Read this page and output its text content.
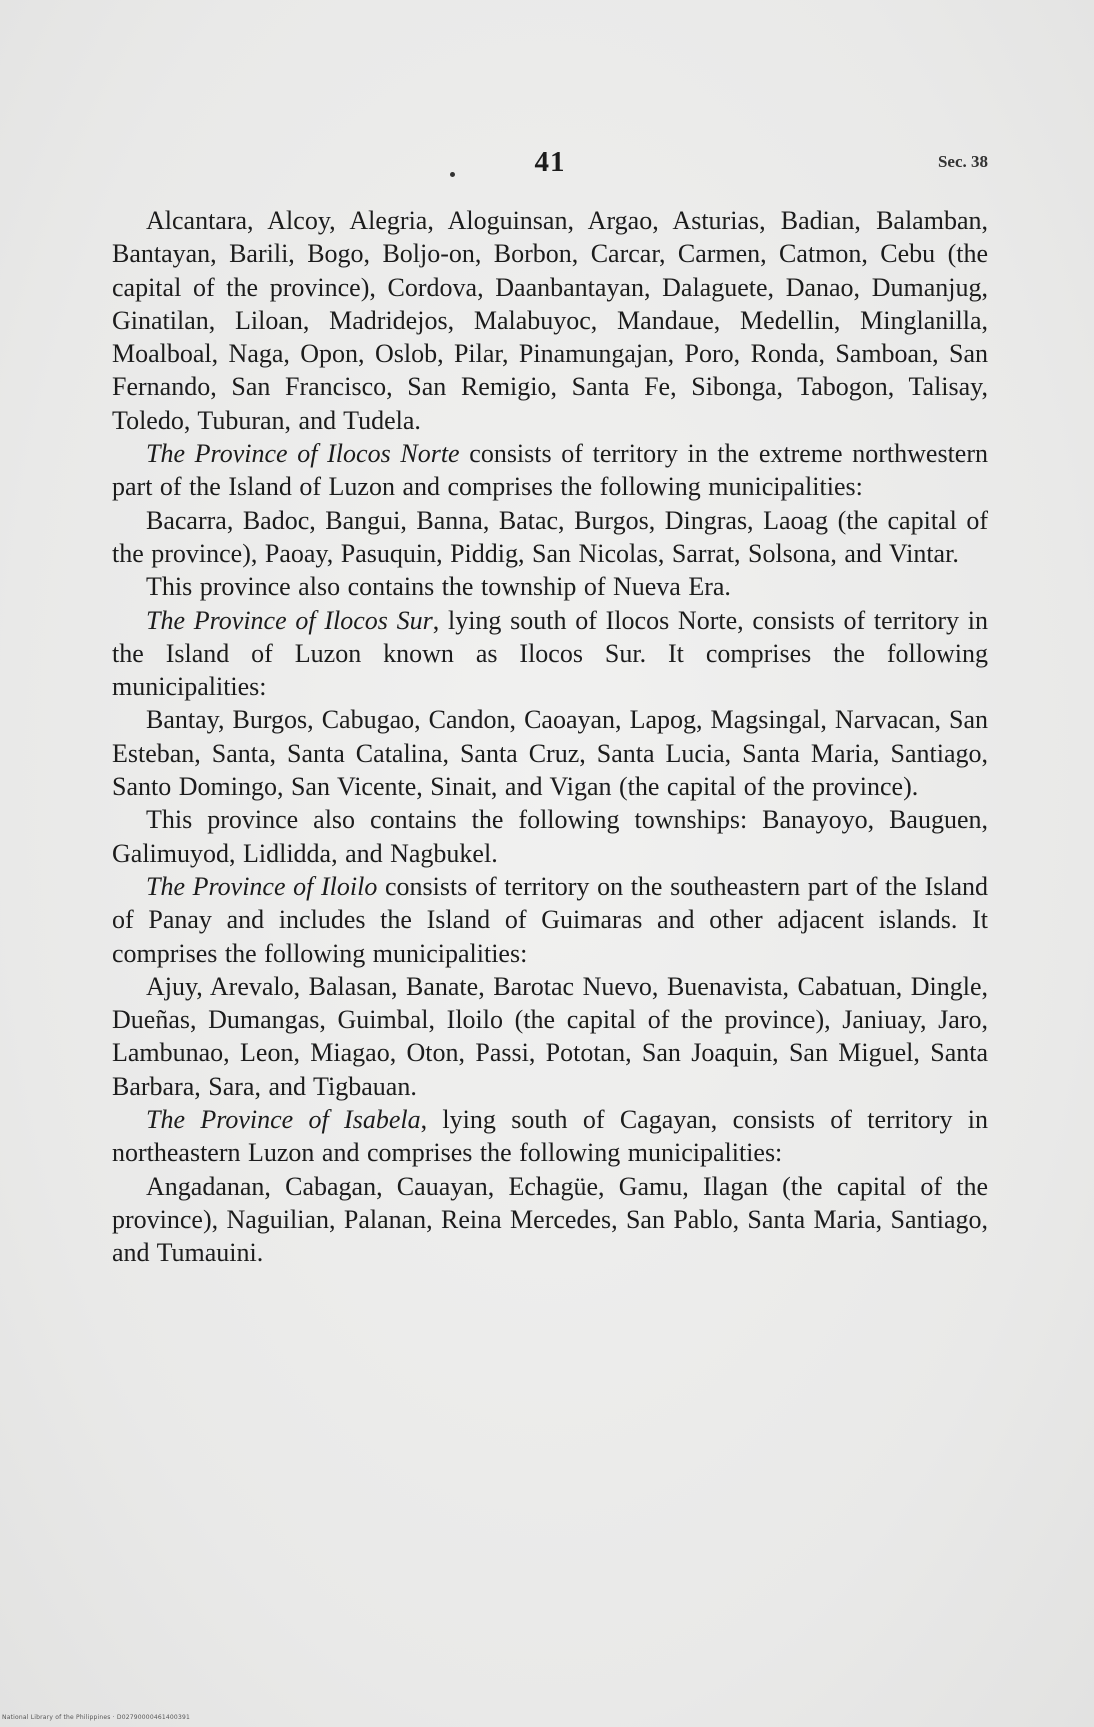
41	Sec. 38

Alcantara, Alcoy, Alegria, Aloguinsan, Argao, Asturias, Badian, Balamban, Bantayan, Barili, Bogo, Boljo-on, Borbon, Carcar, Carmen, Catmon, Cebu (the capital of the province), Cordova, Daanbantayan, Dalaguete, Danao, Dumanjug, Ginatilan, Liloan, Madridejos, Malabuyoc, Mandaue, Medellin, Minglanilla, Moalboal, Naga, Opon, Oslob, Pilar, Pinamungajan, Poro, Ronda, Samboan, San Fernando, San Francisco, San Remigio, Santa Fe, Sibonga, Tabogon, Talisay, Toledo, Tuburan, and Tudela.

The Province of Ilocos Norte consists of territory in the extreme northwestern part of the Island of Luzon and comprises the following municipalities:

Bacarra, Badoc, Bangui, Banna, Batac, Burgos, Dingras, Laoag (the capital of the province), Paoay, Pasuquin, Piddig, San Nicolas, Sarrat, Solsona, and Vintar.

This province also contains the township of Nueva Era.

The Province of Ilocos Sur, lying south of Ilocos Norte, consists of territory in the Island of Luzon known as Ilocos Sur. It comprises the following municipalities:

Bantay, Burgos, Cabugao, Candon, Caoayan, Lapog, Magsingal, Narvacan, San Esteban, Santa, Santa Catalina, Santa Cruz, Santa Lucia, Santa Maria, Santiago, Santo Domingo, San Vicente, Sinait, and Vigan (the capital of the province).

This province also contains the following townships: Banayoyo, Bauguen, Galimuyod, Lidlidda, and Nagbukel.

The Province of Iloilo consists of territory on the southeastern part of the Island of Panay and includes the Island of Guimaras and other adjacent islands. It comprises the following municipalities:

Ajuy, Arevalo, Balasan, Banate, Barotac Nuevo, Buenavista, Cabatuan, Dingle, Dueñas, Dumangas, Guimbal, Iloilo (the capital of the province), Janiuay, Jaro, Lambunao, Leon, Miagao, Oton, Passi, Pototan, San Joaquin, San Miguel, Santa Barbara, Sara, and Tigbauan.

The Province of Isabela, lying south of Cagayan, consists of territory in northeastern Luzon and comprises the following municipalities:

Angadanan, Cabagan, Cauayan, Echagüe, Gamu, Ilagan (the capital of the province), Naguilian, Palanan, Reina Mercedes, San Pablo, Santa Maria, Santiago, and Tumauini.

National Library of the Philippines · D02790000461400391
